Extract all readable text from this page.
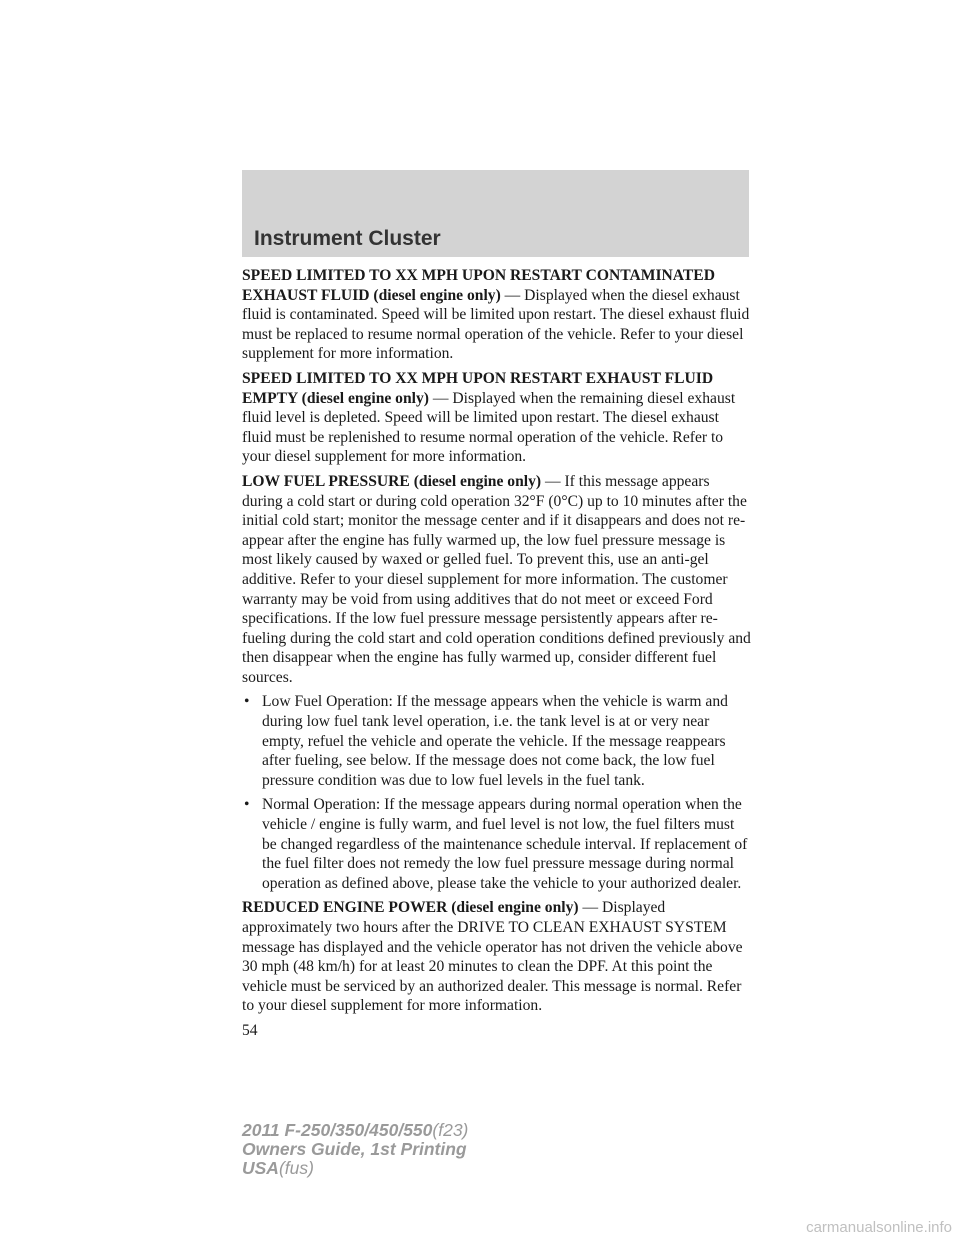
Instrument Cluster

SPEED LIMITED TO XX MPH UPON RESTART CONTAMINATED EXHAUST FLUID (diesel engine only) — Displayed when the diesel exhaust fluid is contaminated. Speed will be limited upon restart. The diesel exhaust fluid must be replaced to resume normal operation of the vehicle. Refer to your diesel supplement for more information.

SPEED LIMITED TO XX MPH UPON RESTART EXHAUST FLUID EMPTY (diesel engine only) — Displayed when the remaining diesel exhaust fluid level is depleted. Speed will be limited upon restart. The diesel exhaust fluid must be replenished to resume normal operation of the vehicle. Refer to your diesel supplement for more information.

LOW FUEL PRESSURE (diesel engine only) — If this message appears during a cold start or during cold operation 32°F (0°C) up to 10 minutes after the initial cold start; monitor the message center and if it disappears and does not re-appear after the engine has fully warmed up, the low fuel pressure message is most likely caused by waxed or gelled fuel. To prevent this, use an anti-gel additive. Refer to your diesel supplement for more information. The customer warranty may be void from using additives that do not meet or exceed Ford specifications. If the low fuel pressure message persistently appears after re-fueling during the cold start and cold operation conditions defined previously and then disappear when the engine has fully warmed up, consider different fuel sources.

• Low Fuel Operation: If the message appears when the vehicle is warm and during low fuel tank level operation, i.e. the tank level is at or very near empty, refuel the vehicle and operate the vehicle. If the message reappears after fueling, see below. If the message does not come back, the low fuel pressure condition was due to low fuel levels in the fuel tank.
• Normal Operation: If the message appears during normal operation when the vehicle / engine is fully warm, and fuel level is not low, the fuel filters must be changed regardless of the maintenance schedule interval. If replacement of the fuel filter does not remedy the low fuel pressure message during normal operation as defined above, please take the vehicle to your authorized dealer.

REDUCED ENGINE POWER (diesel engine only) — Displayed approximately two hours after the DRIVE TO CLEAN EXHAUST SYSTEM message has displayed and the vehicle operator has not driven the vehicle above 30 mph (48 km/h) for at least 20 minutes to clean the DPF. At this point the vehicle must be serviced by an authorized dealer. This message is normal. Refer to your diesel supplement for more information.

54
2011 F-250/350/450/550(f23)
Owners Guide, 1st Printing
USA(fus)
carmanualsonline.info
